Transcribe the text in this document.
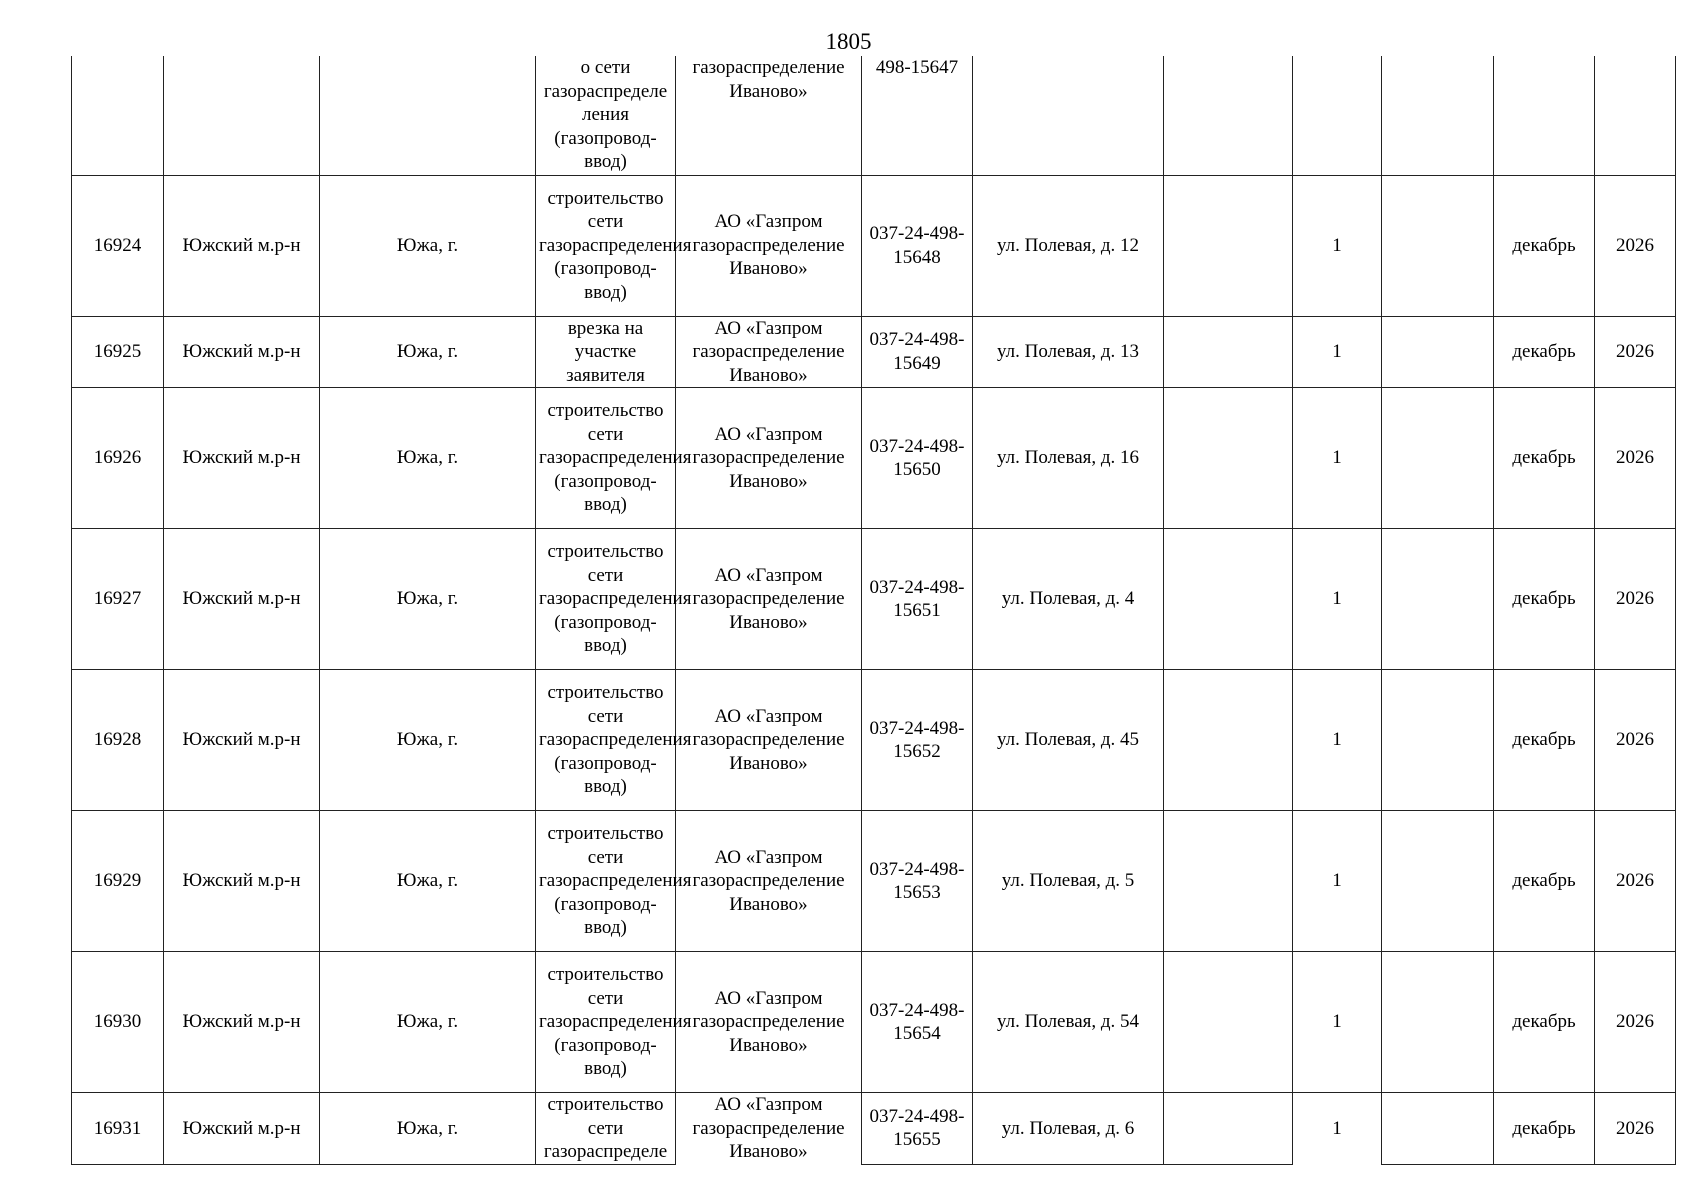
1805
			о сети газораспределе ления (газопровод-ввод)	газораспределение Иваново»	498-15647						
16924	Южский м.р-н	Южа, г.	строительство сети газораспределения (газопровод-ввод)	АО «Газпром газораспределение Иваново»	037-24-498-15648	ул. Полевая, д. 12		1		декабрь	2026
16925	Южский м.р-н	Южа, г.	врезка на участке заявителя	АО «Газпром газораспределение Иваново»	037-24-498-15649	ул. Полевая, д. 13		1		декабрь	2026
16926	Южский м.р-н	Южа, г.	строительство сети газораспределения (газопровод-ввод)	АО «Газпром газораспределение Иваново»	037-24-498-15650	ул. Полевая, д. 16		1		декабрь	2026
16927	Южский м.р-н	Южа, г.	строительство сети газораспределения (газопровод-ввод)	АО «Газпром газораспределение Иваново»	037-24-498-15651	ул. Полевая, д. 4		1		декабрь	2026
16928	Южский м.р-н	Южа, г.	строительство сети газораспределения (газопровод-ввод)	АО «Газпром газораспределение Иваново»	037-24-498-15652	ул. Полевая, д. 45		1		декабрь	2026
16929	Южский м.р-н	Южа, г.	строительство сети газораспределения (газопровод-ввод)	АО «Газпром газораспределение Иваново»	037-24-498-15653	ул. Полевая, д. 5		1		декабрь	2026
16930	Южский м.р-н	Южа, г.	строительство сети газораспределения (газопровод-ввод)	АО «Газпром газораспределение Иваново»	037-24-498-15654	ул. Полевая, д. 54		1		декабрь	2026
16931	Южский м.р-н	Южа, г.	строительство сети газораспределе	АО «Газпром газораспределение Иваново»	037-24-498-15655	ул. Полевая, д. 6		1		декабрь	2026
